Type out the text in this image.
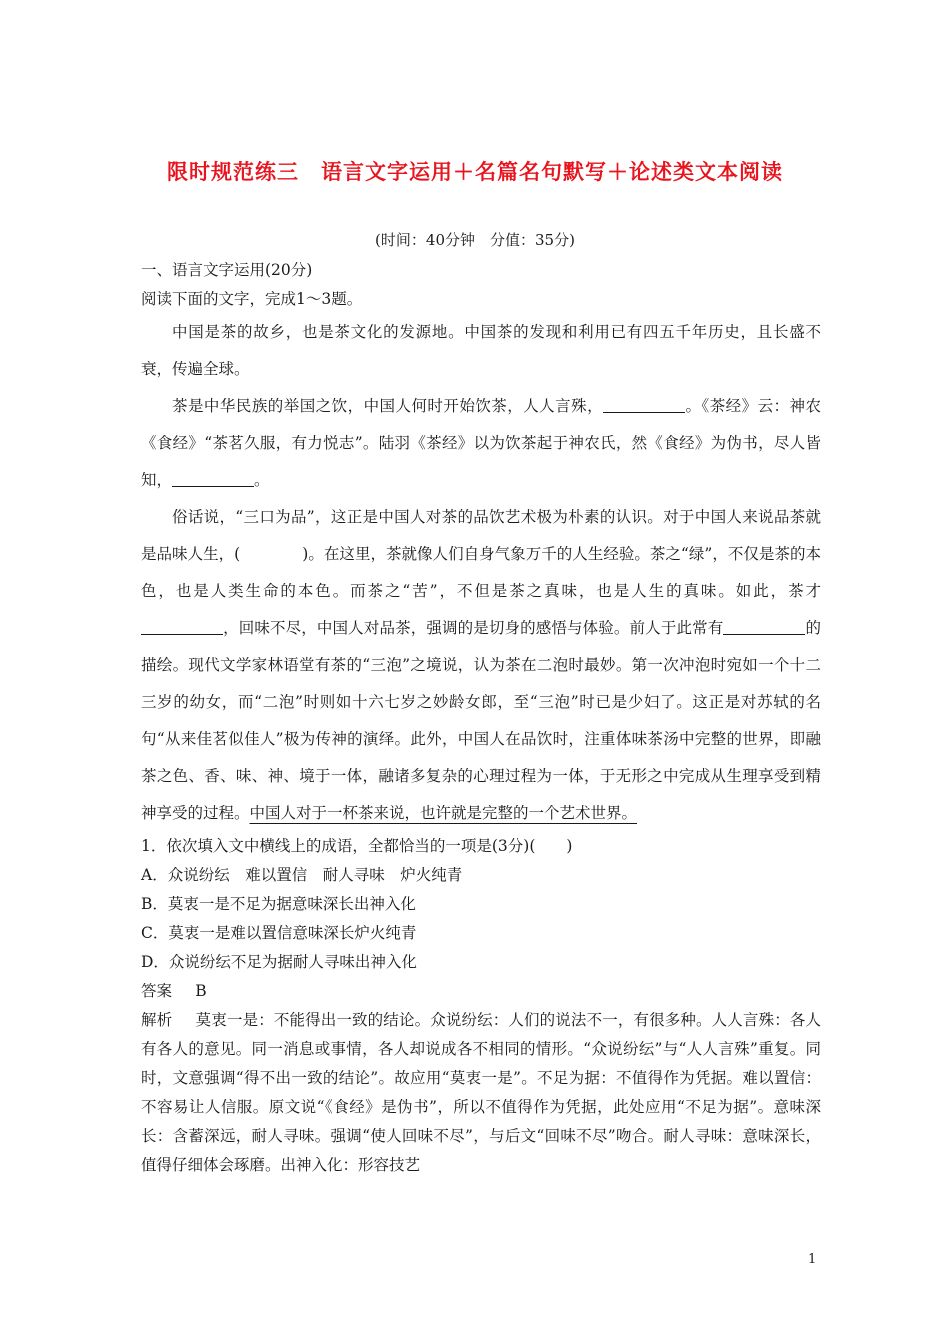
限时规范练三　语言文字运用＋名篇名句默写＋论述类文本阅读

(时间：40分钟　分值：35分)

一、语言文字运用(20分)

阅读下面的文字，完成1～3题。

中国是茶的故乡，也是茶文化的发源地。中国茶的发现和利用已有四五千年历史，且长盛不衰，传遍全球。

茶是中华民族的举国之饮，中国人何时开始饮茶，人人言殊，	。《茶经》云：神农《食经》“茶茗久服，有力悦志”。陆羽《茶经》以为饮茶起于神农氏，然《食经》为伪书，尽人皆知，	。

俗话说，“三口为品”，这正是中国人对茶的品饮艺术极为朴素的认识。对于中国人来说品茶就是品味人生，(　　　　)。在这里，茶就像人们自身气象万千的人生经验。茶之“绿”，不仅是茶的本色，也是人类生命的本色。而茶之“苦”，不但是茶之真味，也是人生的真味。如此，茶才，回味不尽，中国人对品茶，强调的是切身的感悟与体验。前人于此常有	的描绘。现代文学家林语堂有茶的“三泡”之境说，认为茶在二泡时最妙。第一次冲泡时宛如一个十二三岁的幼女，而“二泡”时则如十六七岁之妙龄女郎，至“三泡”时已是少妇了。这正是对苏轼的名句“从来佳茗似佳人”极为传神的演绎。此外，中国人在品饮时，注重体味茶汤中完整的世界，即融茶之色、香、味、神、境于一体，融诸多复杂的心理过程为一体，于无形之中完成从生理享受到精神享受的过程。中国人对于一杯茶来说，也许就是完整的一个艺术世界。

1．依次填入文中横线上的成语，全都恰当的一项是(3分)(　　)

A．众说纷纭　难以置信　耐人寻味　炉火纯青

B．莫衷一是不足为据意味深长出神入化

C．莫衷一是难以置信意味深长炉火纯青

D．众说纷纭不足为据耐人寻味出神入化

答案 B

解析 莫衷一是：不能得出一致的结论。众说纷纭：人们的说法不一，有很多种。人人言殊：各人有各人的意见。同一消息或事情，各人却说成各不相同的情形。“众说纷纭”与“人人言殊”重复。同时，文意强调“得不出一致的结论”。故应用“莫衷一是”。不足为据：不值得作为凭据。难以置信：不容易让人信服。原文说“《食经》是伪书”，所以不值得作为凭据，此处应用“不足为据”。意味深长：含蓄深远，耐人寻味。强调“使人回味不尽”，与后文“回味不尽”吻合。耐人寻味：意味深长，值得仔细体会琢磨。出神入化：形容技艺

1
